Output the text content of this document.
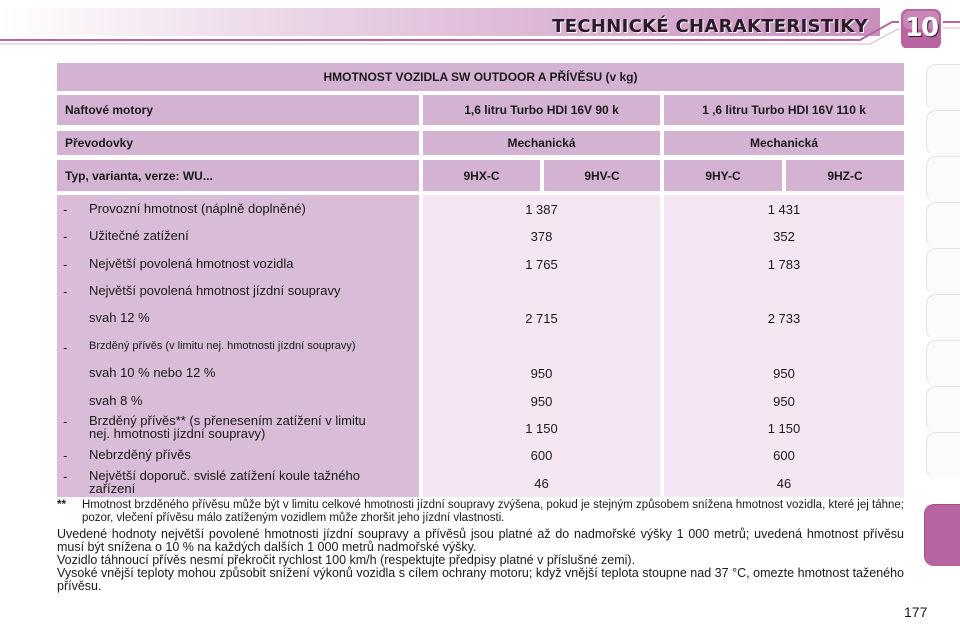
TECHNICKÉ CHARAKTERISTIKY 10
HMOTNOST VOZIDLA SW OUTDOOR A PŘÍVĚSU (v kg)
Naftové motory	1,6 litru Turbo HDI 16V 90 k	1 ,6 litru Turbo HDI 16V 110 k
Převodovky	Mechanická	Mechanická
Typ, varianta, verze: WU...	9HX-C	9HV-C	9HY-C	9HZ-C
- Provozní hmotnost (náplně doplněné)	1 387	1 431
- Užitečné zatížení	378	352
- Největší povolená hmotnost vozidla	1 765	1 783
- Největší povolená hmotnost jízdní soupravy
svah 12 %	2 715	2 733
- Brzděný přívěs (v limitu nej. hmotnosti jízdní soupravy)
svah 10 % nebo 12 %	950	950
svah 8 %	950	950
- Brzděný přívěs** (s přenesením zatížení v limitu nej. hmotnosti jízdní soupravy)	1 150	1 150
- Nebrzděný přívěs	600	600
- Největší doporuč. svislé zatížení koule tažného zařízení	46	46
** Hmotnost brzděného přívěsu může být v limitu celkové hmotnosti jízdní soupravy zvýšena, pokud je stejným způsobem snížena hmotnost vozidla, které jej táhne; pozor, vlečení přívěsu málo zatíženým vozidlem může zhoršit jeho jízdní vlastnosti.

Uvedené hodnoty největší povolené hmotnosti jízdní soupravy a přívěsů jsou platné až do nadmořské výšky 1 000 metrů; uvedená hmotnost přívěsu musí být snížena o 10 % na každých dalších 1 000 metrů nadmořské výšky.

Vozidlo táhnoucí přívěs nesmí překročit rychlost 100 km/h (respektujte předpisy platné v příslušné zemi).

Vysoké vnější teploty mohou způsobit snížení výkonů vozidla s cílem ochrany motoru; když vnější teplota stoupne nad 37 °C, omezte hmotnost taženého přívěsu.

177
